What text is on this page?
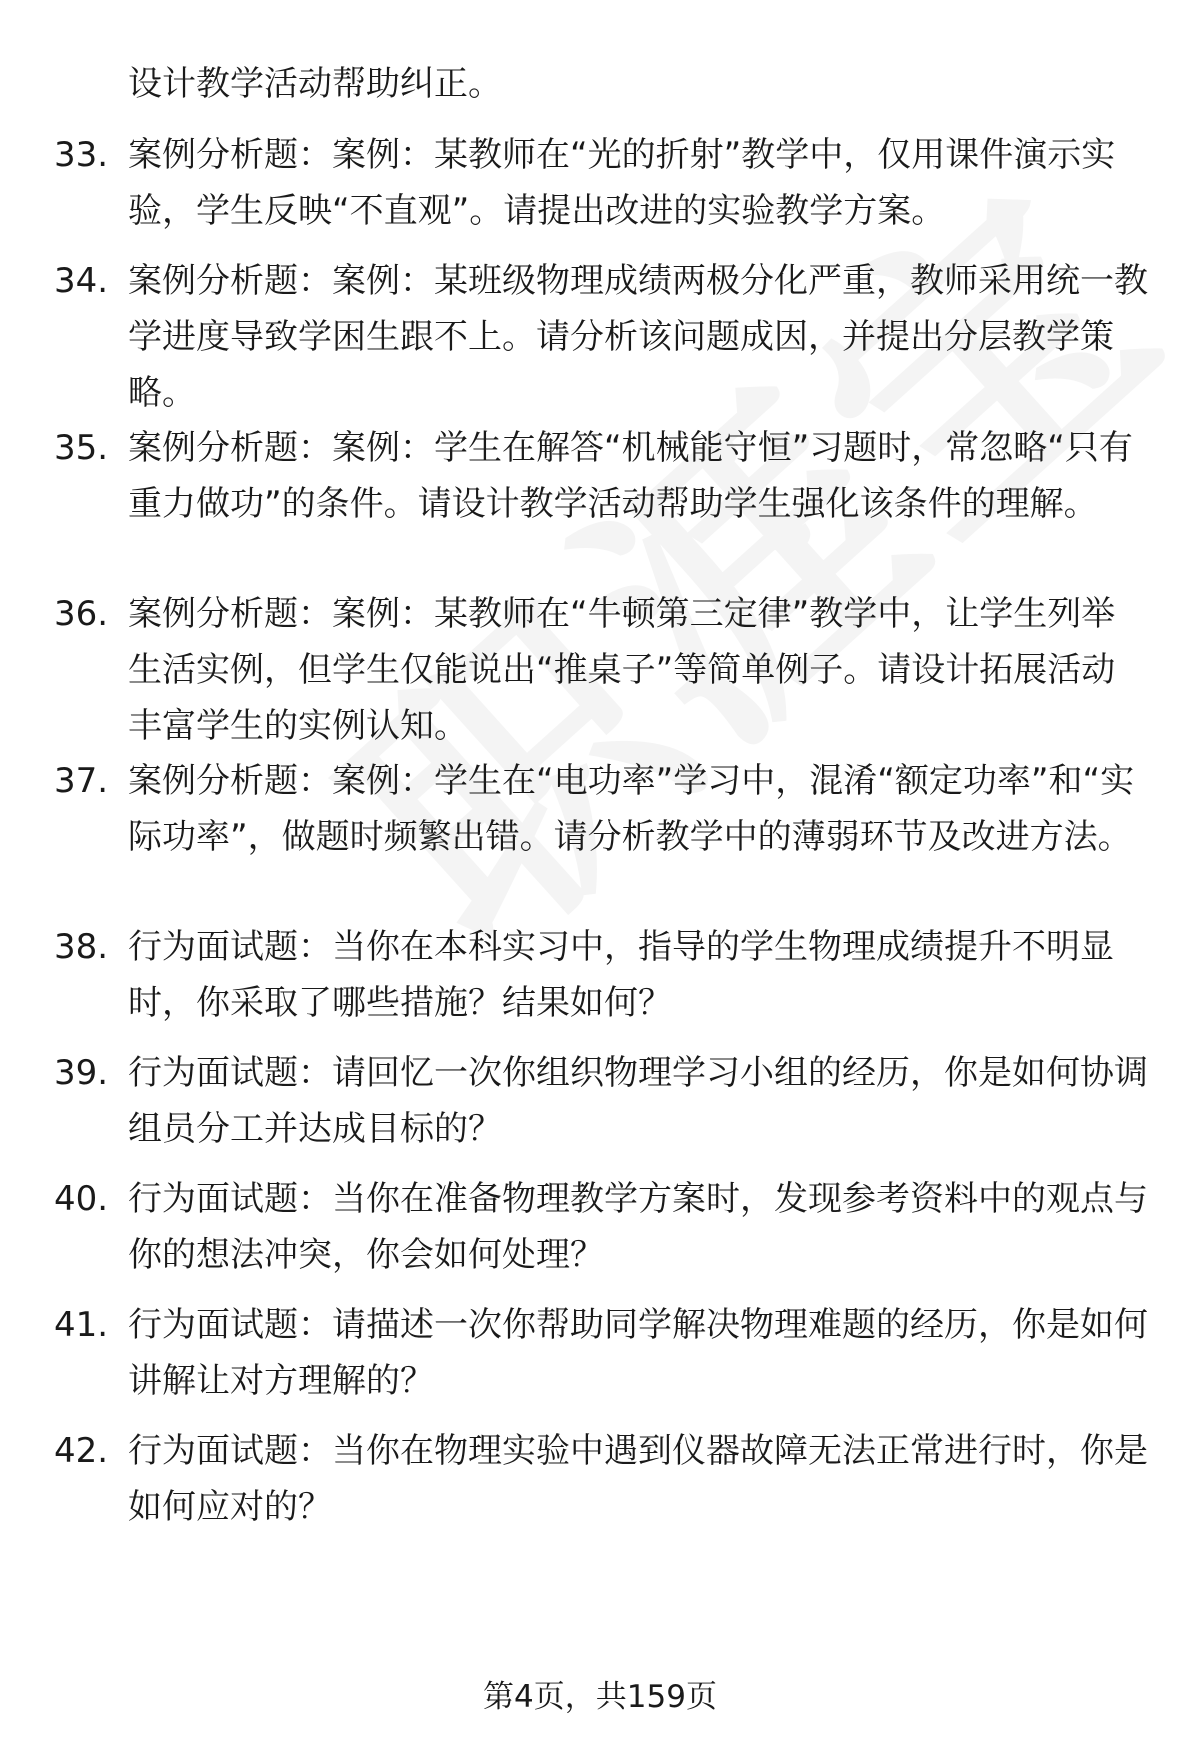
设计教学活动帮助纠正。
33. 案例分析题：案例：某教师在“光的折射”教学中，仅用课件演示实验，学生反映“不直观”。请提出改进的实验教学方案。
34. 案例分析题：案例：某班级物理成绩两极分化严重，教师采用统一教学进度导致学困生跟不上。请分析该问题成因，并提出分层教学策略。
35. 案例分析题：案例：学生在解答“机械能守恒”习题时，常忽略“只有重力做功”的条件。请设计教学活动帮助学生强化该条件的理解。
36. 案例分析题：案例：某教师在“牛顿第三定律”教学中，让学生列举生活实例，但学生仅能说出“推桌子”等简单例子。请设计拓展活动丰富学生的实例认知。
37. 案例分析题：案例：学生在“电功率”学习中，混淆“额定功率”和“实际功率”，做题时频繁出错。请分析教学中的薄弱环节及改进方法。
38. 行为面试题：当你在本科实习中，指导的学生物理成绩提升不明显时，你采取了哪些措施？结果如何？
39. 行为面试题：请回忆一次你组织物理学习小组的经历，你是如何协调组员分工并达成目标的？
40. 行为面试题：当你在准备物理教学方案时，发现参考资料中的观点与你的想法冲突，你会如何处理？
41. 行为面试题：请描述一次你帮助同学解决物理难题的经历，你是如何讲解让对方理解的？
42. 行为面试题：当你在物理实验中遇到仪器故障无法正常进行时，你是如何应对的？
第4页，共159页
